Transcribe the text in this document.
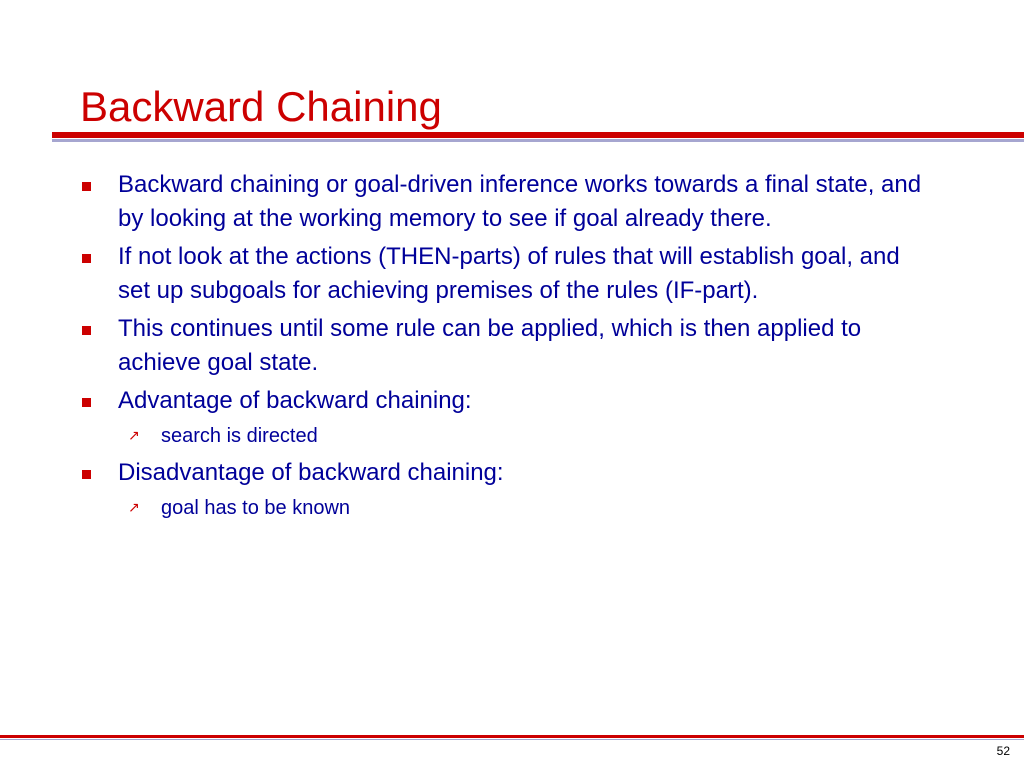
Backward Chaining
Backward chaining or goal-driven inference works towards a final state, and by looking at the working memory to see if goal already there.
If not look at the actions (THEN-parts) of rules that will establish goal, and set up subgoals for achieving premises of the rules (IF-part).
This continues until some rule can be applied, which is then applied to achieve goal state.
Advantage of backward chaining:
↗ search is directed
Disadvantage of backward chaining:
↗ goal has to be known
52
